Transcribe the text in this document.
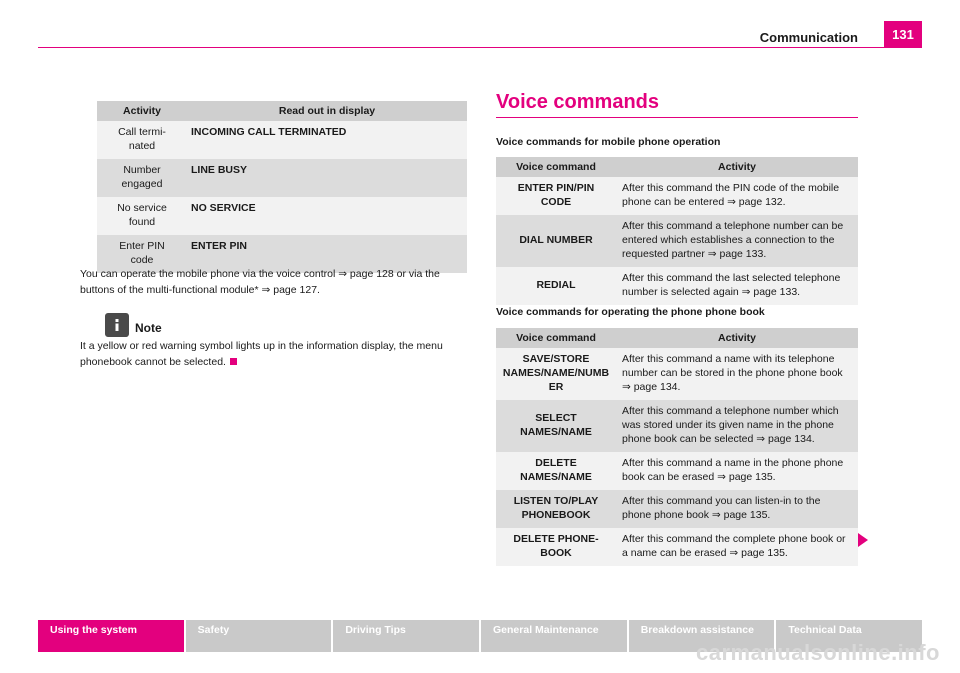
Communication	131
Activity	Read out in display
Call termi-
nated	INCOMING CALL TERMINATED
Number
engaged	LINE BUSY
No service
found	NO SERVICE
Enter PIN
code	ENTER PIN
You can operate the mobile phone via the voice control ⇒ page 128 or via the buttons of the multi-functional module* ⇒ page 127.
Note
It a yellow or red warning symbol lights up in the information display, the menu phonebook cannot be selected.
Voice commands
Voice commands for mobile phone operation
Voice command	Activity
ENTER PIN/PIN
CODE	After this command the PIN code of the mobile phone can be entered ⇒ page 132.
DIAL NUMBER	After this command a telephone number can be entered which establishes a connection to the requested partner ⇒ page 133.
REDIAL	After this command the last selected telephone number is selected again ⇒ page 133.
Voice commands for operating the phone phone book
Voice command	Activity
SAVE/STORE
NAMES/NAME/NUMB
ER	After this command a name with its telephone number can be stored in the phone phone book ⇒ page 134.
SELECT
NAMES/NAME	After this command a telephone number which was stored under its given name in the phone phone book can be selected ⇒ page 134.
DELETE
NAMES/NAME	After this command a name in the phone phone book can be erased ⇒ page 135.
LISTEN TO/PLAY
PHONEBOOK	After this command you can listen-in to the phone phone book ⇒ page 135.
DELETE PHONE-
BOOK	After this command the complete phone book or a name can be erased ⇒ page 135.
Using the system	Safety	Driving Tips	General Maintenance	Breakdown assistance	Technical Data
carmanualsonline.info
